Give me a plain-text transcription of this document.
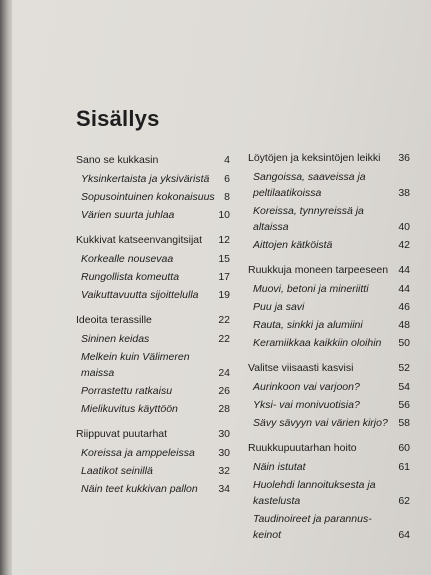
Sisällys
Sano se kukkasin	4
Yksinkertaista ja yksiväristä	6
Sopusointuinen kokonaisuus 8
Värien suurta juhlaa	10
Kukkivat katseenvangitsijat	12
Korkealle nousevaa	15
Rungollista komeutta	17
Vaikuttavuutta sijoittelulla	19
Ideoita terassille	22
Sininen keidas	22
Melkein kuin Välimeren maissa	24
Porrastettu ratkaisu	26
Mielikuvitus käyttöön	28
Riippuvat puutarhat	30
Koreissa ja amppeleissa	30
Laatikot seinillä	32
Näin teet kukkivan pallon	34
Löytöjen ja keksintöjen leikki	36
Sangoissa, saaveissa ja peltilaatikoissa	38
Koreissa, tynnyreissä ja altaissa	40
Aittojen kätköistä	42
Ruukkuja moneen tarpeeseen 44
Muovi, betoni ja mineriitti	44
Puu ja savi	46
Rauta, sinkki ja alumiini	48
Keramiikkaa kaikkiin oloihin	50
Valitse viisaasti kasvisi	52
Aurinkoon vai varjoon?	54
Yksi- vai monivuotisia?	56
Sävy sävyyn vai värien kirjo?	58
Ruukkupuutarhan hoito	60
Näin istutat	61
Huolehdi lannoituksesta ja kastelusta	62
Taudinoireet ja parannus-keinot	64
